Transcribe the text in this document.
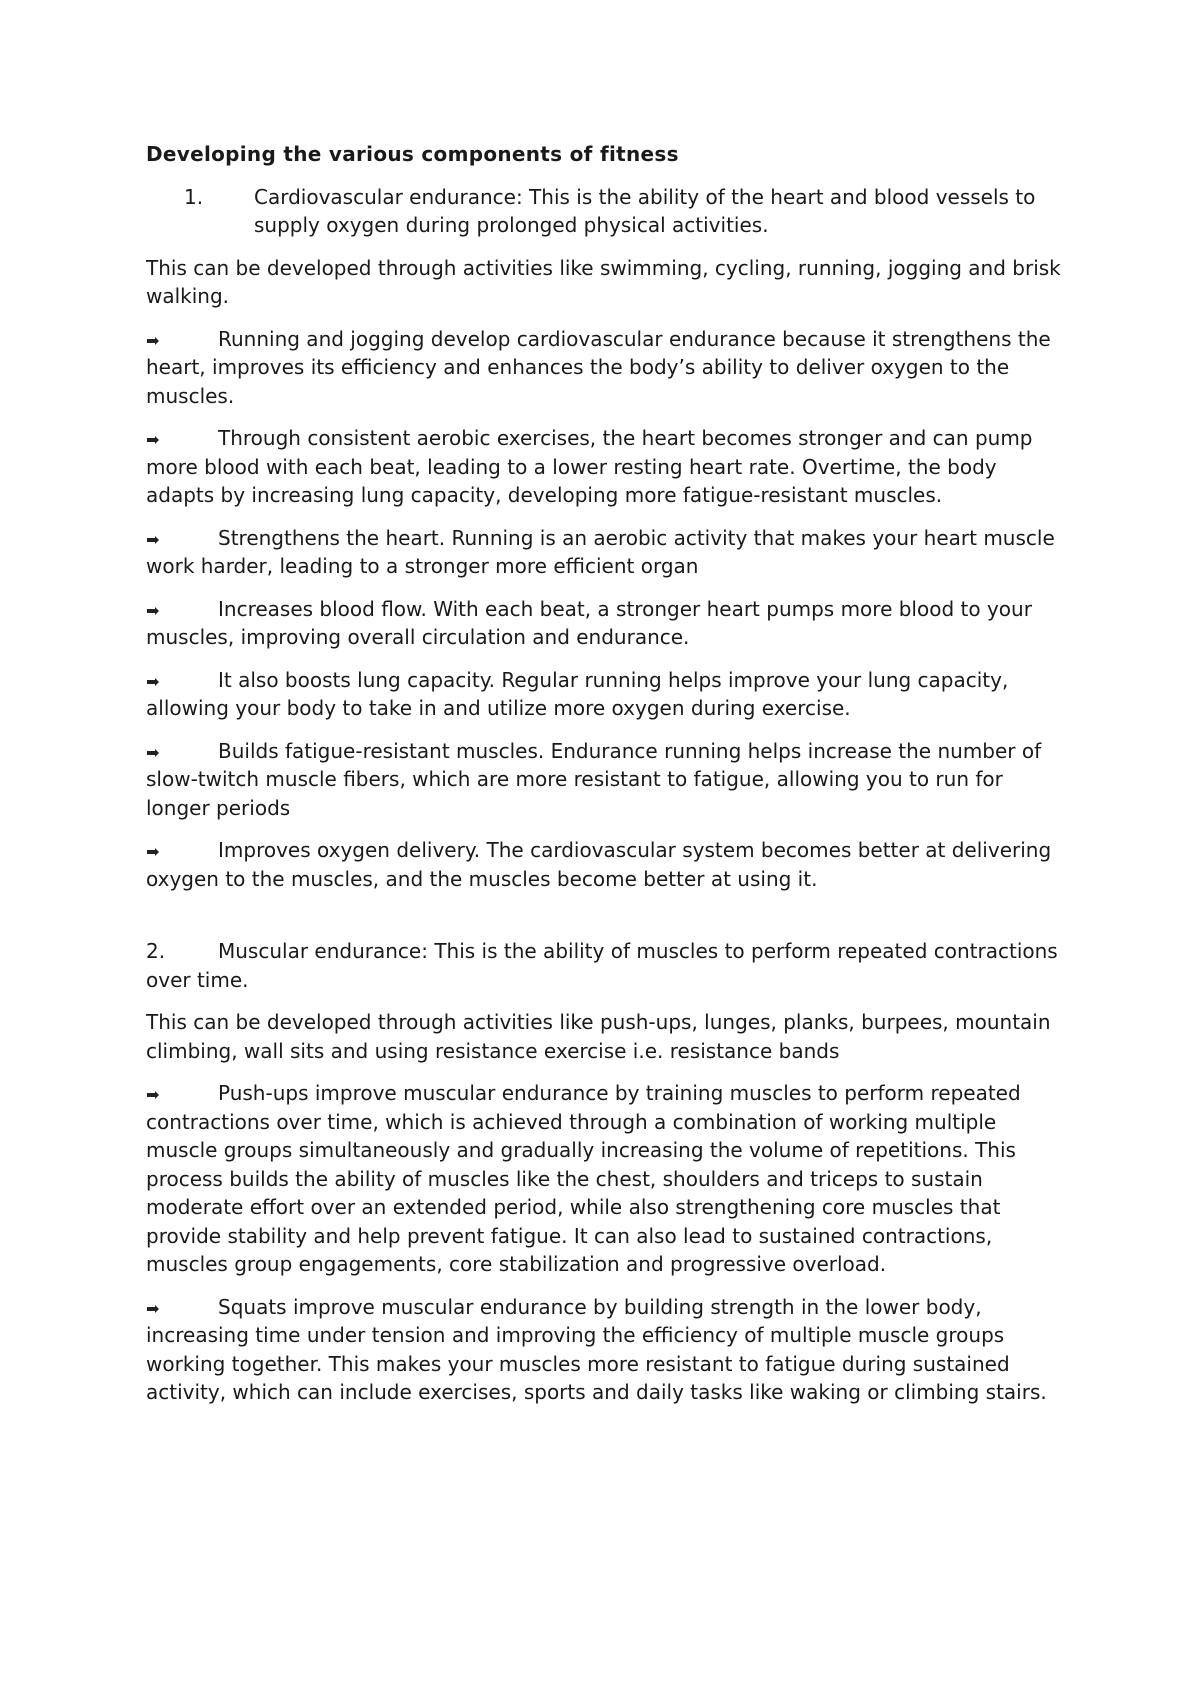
Developing the various components of fitness
1.	Cardiovascular endurance: This is the ability of the heart and blood vessels to supply oxygen during prolonged physical activities.

This can be developed through activities like swimming, cycling, running, jogging and brisk walking.

Running and jogging develop cardiovascular endurance because it strengthens the heart, improves its efficiency and enhances the body’s ability to deliver oxygen to the muscles.
Through consistent aerobic exercises, the heart becomes stronger and can pump more blood with each beat, leading to a lower resting heart rate. Overtime, the body adapts by increasing lung capacity, developing more fatigue-resistant muscles.
Strengthens the heart. Running is an aerobic activity that makes your heart muscle work harder, leading to a stronger more efficient organ
Increases blood flow. With each beat, a stronger heart pumps more blood to your muscles, improving overall circulation and endurance.
It also boosts lung capacity. Regular running helps improve your lung capacity, allowing your body to take in and utilize more oxygen during exercise.
Builds fatigue-resistant muscles. Endurance running helps increase the number of slow-twitch muscle fibers, which are more resistant to fatigue, allowing you to run for longer periods
Improves oxygen delivery. The cardiovascular system becomes better at delivering oxygen to the muscles, and the muscles become better at using it.

2.	Muscular endurance: This is the ability of muscles to perform repeated contractions over time.

This can be developed through activities like push-ups, lunges, planks, burpees, mountain climbing, wall sits and using resistance exercise i.e. resistance bands

Push-ups improve muscular endurance by training muscles to perform repeated contractions over time, which is achieved through a combination of working multiple muscle groups simultaneously and gradually increasing the volume of repetitions. This process builds the ability of muscles like the chest, shoulders and triceps to sustain moderate effort over an extended period, while also strengthening core muscles that provide stability and help prevent fatigue. It can also lead to sustained contractions, muscles group engagements, core stabilization and progressive overload.
Squats improve muscular endurance by building strength in the lower body, increasing time under tension and improving the efficiency of multiple muscle groups working together. This makes your muscles more resistant to fatigue during sustained activity, which can include exercises, sports and daily tasks like waking or climbing stairs.
